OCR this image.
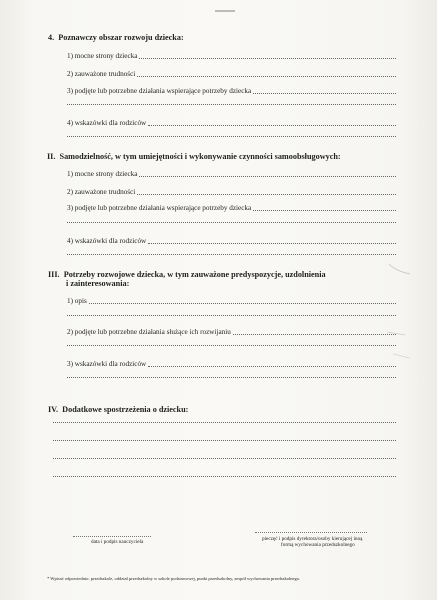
4.  Poznawczy obszar rozwoju dziecka:
1) mocne strony dziecka
2) zauważone trudności
3) podjęte lub potrzebne działania wspierające potrzeby dziecka
4) wskazówki dla rodziców
II.  Samodzielność, w tym umiejętności i wykonywanie czynności samoobsługowych:
1) mocne strony dziecka
2) zauważone trudności
3) podjęte lub potrzebne działania wspierające potrzeby dziecka
4) wskazówki dla rodziców
III.  Potrzeby rozwojowe dziecka, w tym zauważone predyspozycje, uzdolnienia
i zainteresowania:
1) opis
2) podjęte lub potrzebne działania służące ich rozwijaniu
3) wskazówki dla rodziców
IV.  Dodatkowe spostrzeżenia o dziecku:
data i podpis nauczyciela	pieczęć i podpis dyrektora/osoby kierującej inną
formą wychowania przedszkolnego
* Wpisać odpowiednio: przedszkole, oddział przedszkolny w szkole podstawowej, punkt przedszkolny, zespół wychowania przedszkolnego.
